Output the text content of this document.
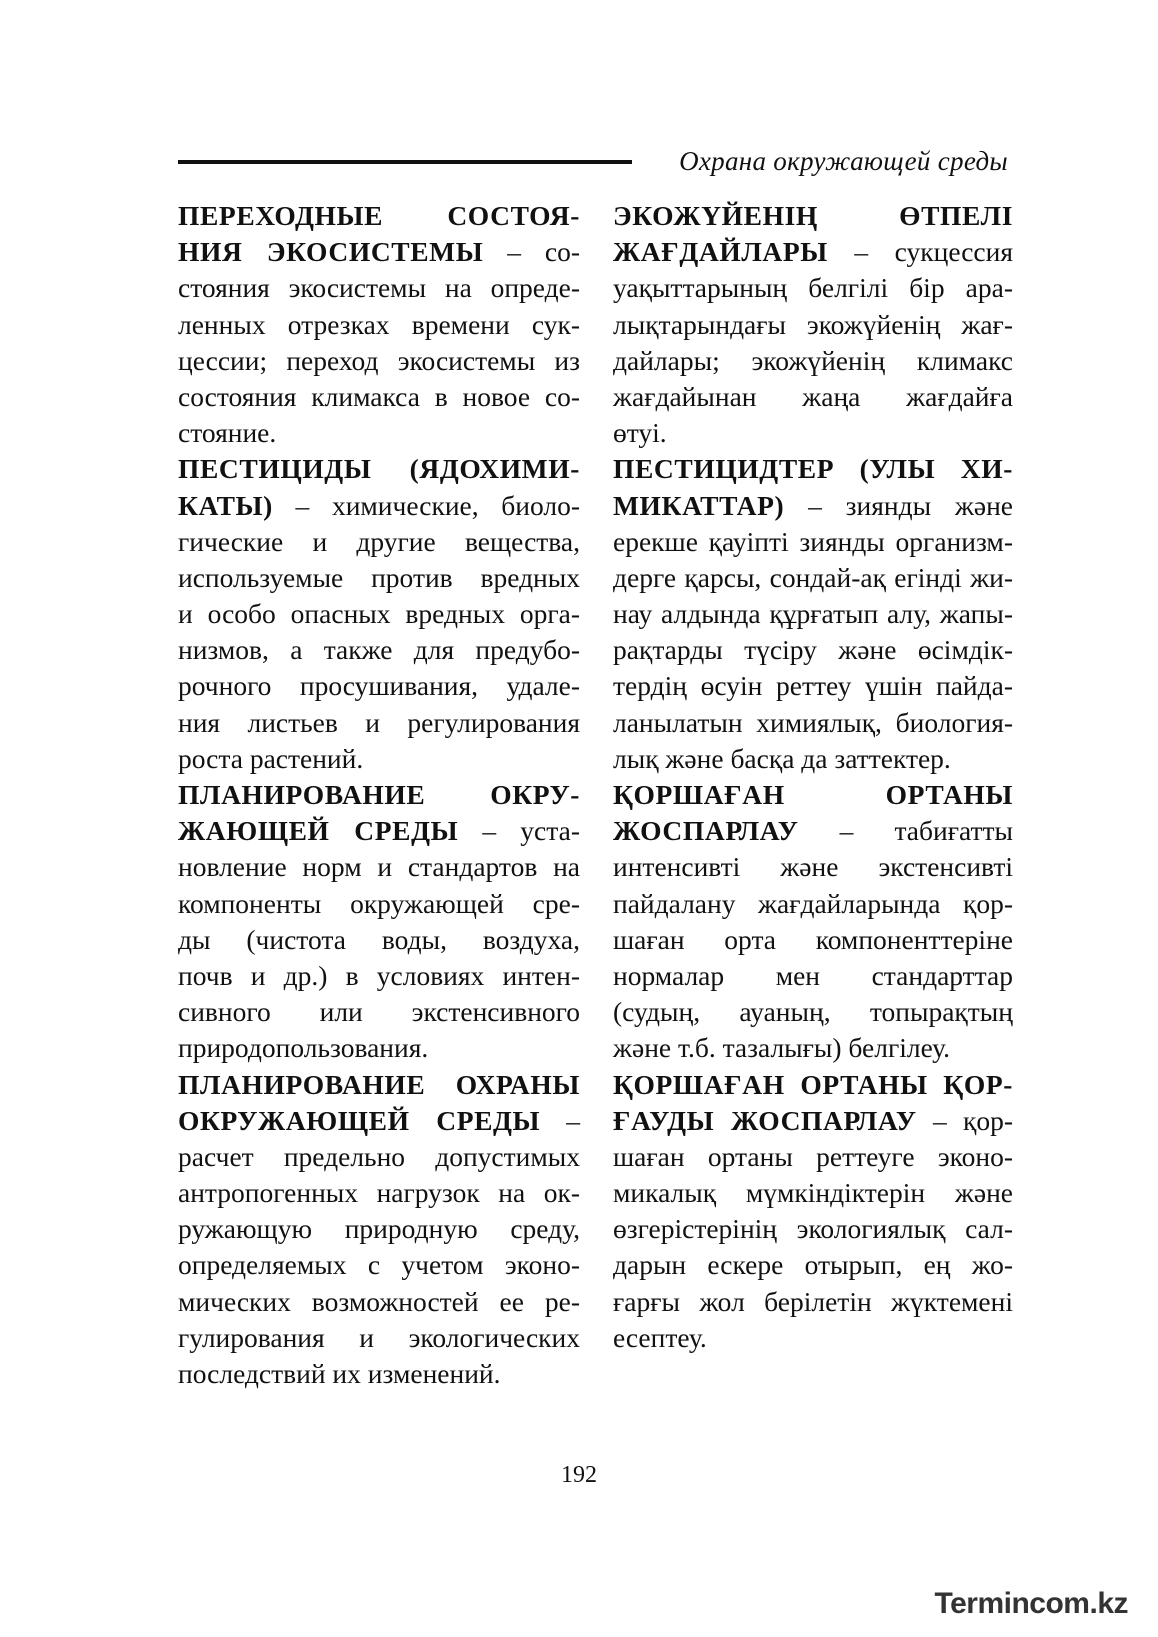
Охрана окружающей среды
ПЕРЕХОДНЫЕ СОСТОЯ-
НИЯ ЭКОСИСТЕМЫ – со-
стояния экосистемы на опреде-
ленных отрезках времени сук-
цессии; переход экосистемы из
состояния климакса в новое со-
стояние.
ПЕСТИЦИДЫ (ЯДОХИМИ-
КАТЫ) – химические, биоло-
гические и другие вещества,
используемые против вредных
и особо опасных вредных орга-
низмов, а также для предубо-
рочного просушивания, удале-
ния листьев и регулирования
роста растений.
ПЛАНИРОВАНИЕ ОКРУ-
ЖАЮЩЕЙ СРЕДЫ – уста-
новление норм и стандартов на
компоненты окружающей сре-
ды (чистота воды, воздуха,
почв и др.) в условиях интен-
сивного или экстенсивного
природопользования.
ПЛАНИРОВАНИЕ ОХРАНЫ
ОКРУЖАЮЩЕЙ СРЕДЫ –
расчет предельно допустимых
антропогенных нагрузок на ок-
ружающую природную среду,
определяемых с учетом эконо-
мических возможностей ее ре-
гулирования и экологических
последствий их изменений.
ЭКОЖҮЙЕНІҢ ӨТПЕЛІ
ЖАҒДАЙЛАРЫ – сукцессия
уақыттарының белгілі бір ара-
лықтарындағы экожүйенің жағ-
дайлары; экожүйенің климакс
жағдайынан жаңа жағдайға
өтуі.
ПЕСТИЦИДТЕР (УЛЫ ХИ-
МИКАТТАР) – зиянды және
ерекше қауіпті зиянды организм-
дерге қарсы, сондай-ақ егінді жи-
нау алдында құрғатып алу, жапы-
рақтарды түсіру және өсімдік-
тердің өсуін реттеу үшін пайда-
ланылатын химиялық, биология-
лық және басқа да заттектер.
ҚОРШАҒАН ОРТАНЫ
ЖОСПАРЛАУ – табиғатты
интенсивті және экстенсивті
пайдалану жағдайларында қор-
шаған орта компоненттеріне
нормалар мен стандарттар
(судың, ауаның, топырақтың
және т.б. тазалығы) белгілеу.
ҚОРШАҒАН ОРТАНЫ ҚОР-
ҒАУДЫ ЖОСПАРЛАУ – қор-
шаған ортаны реттеуге эконо-
микалық мүмкіндіктерін және
өзгерістерінің экологиялық сал-
дарын ескере отырып, ең жо-
ғарғы жол берілетін жүктемені
есептеу.
192
Termincom.kz
